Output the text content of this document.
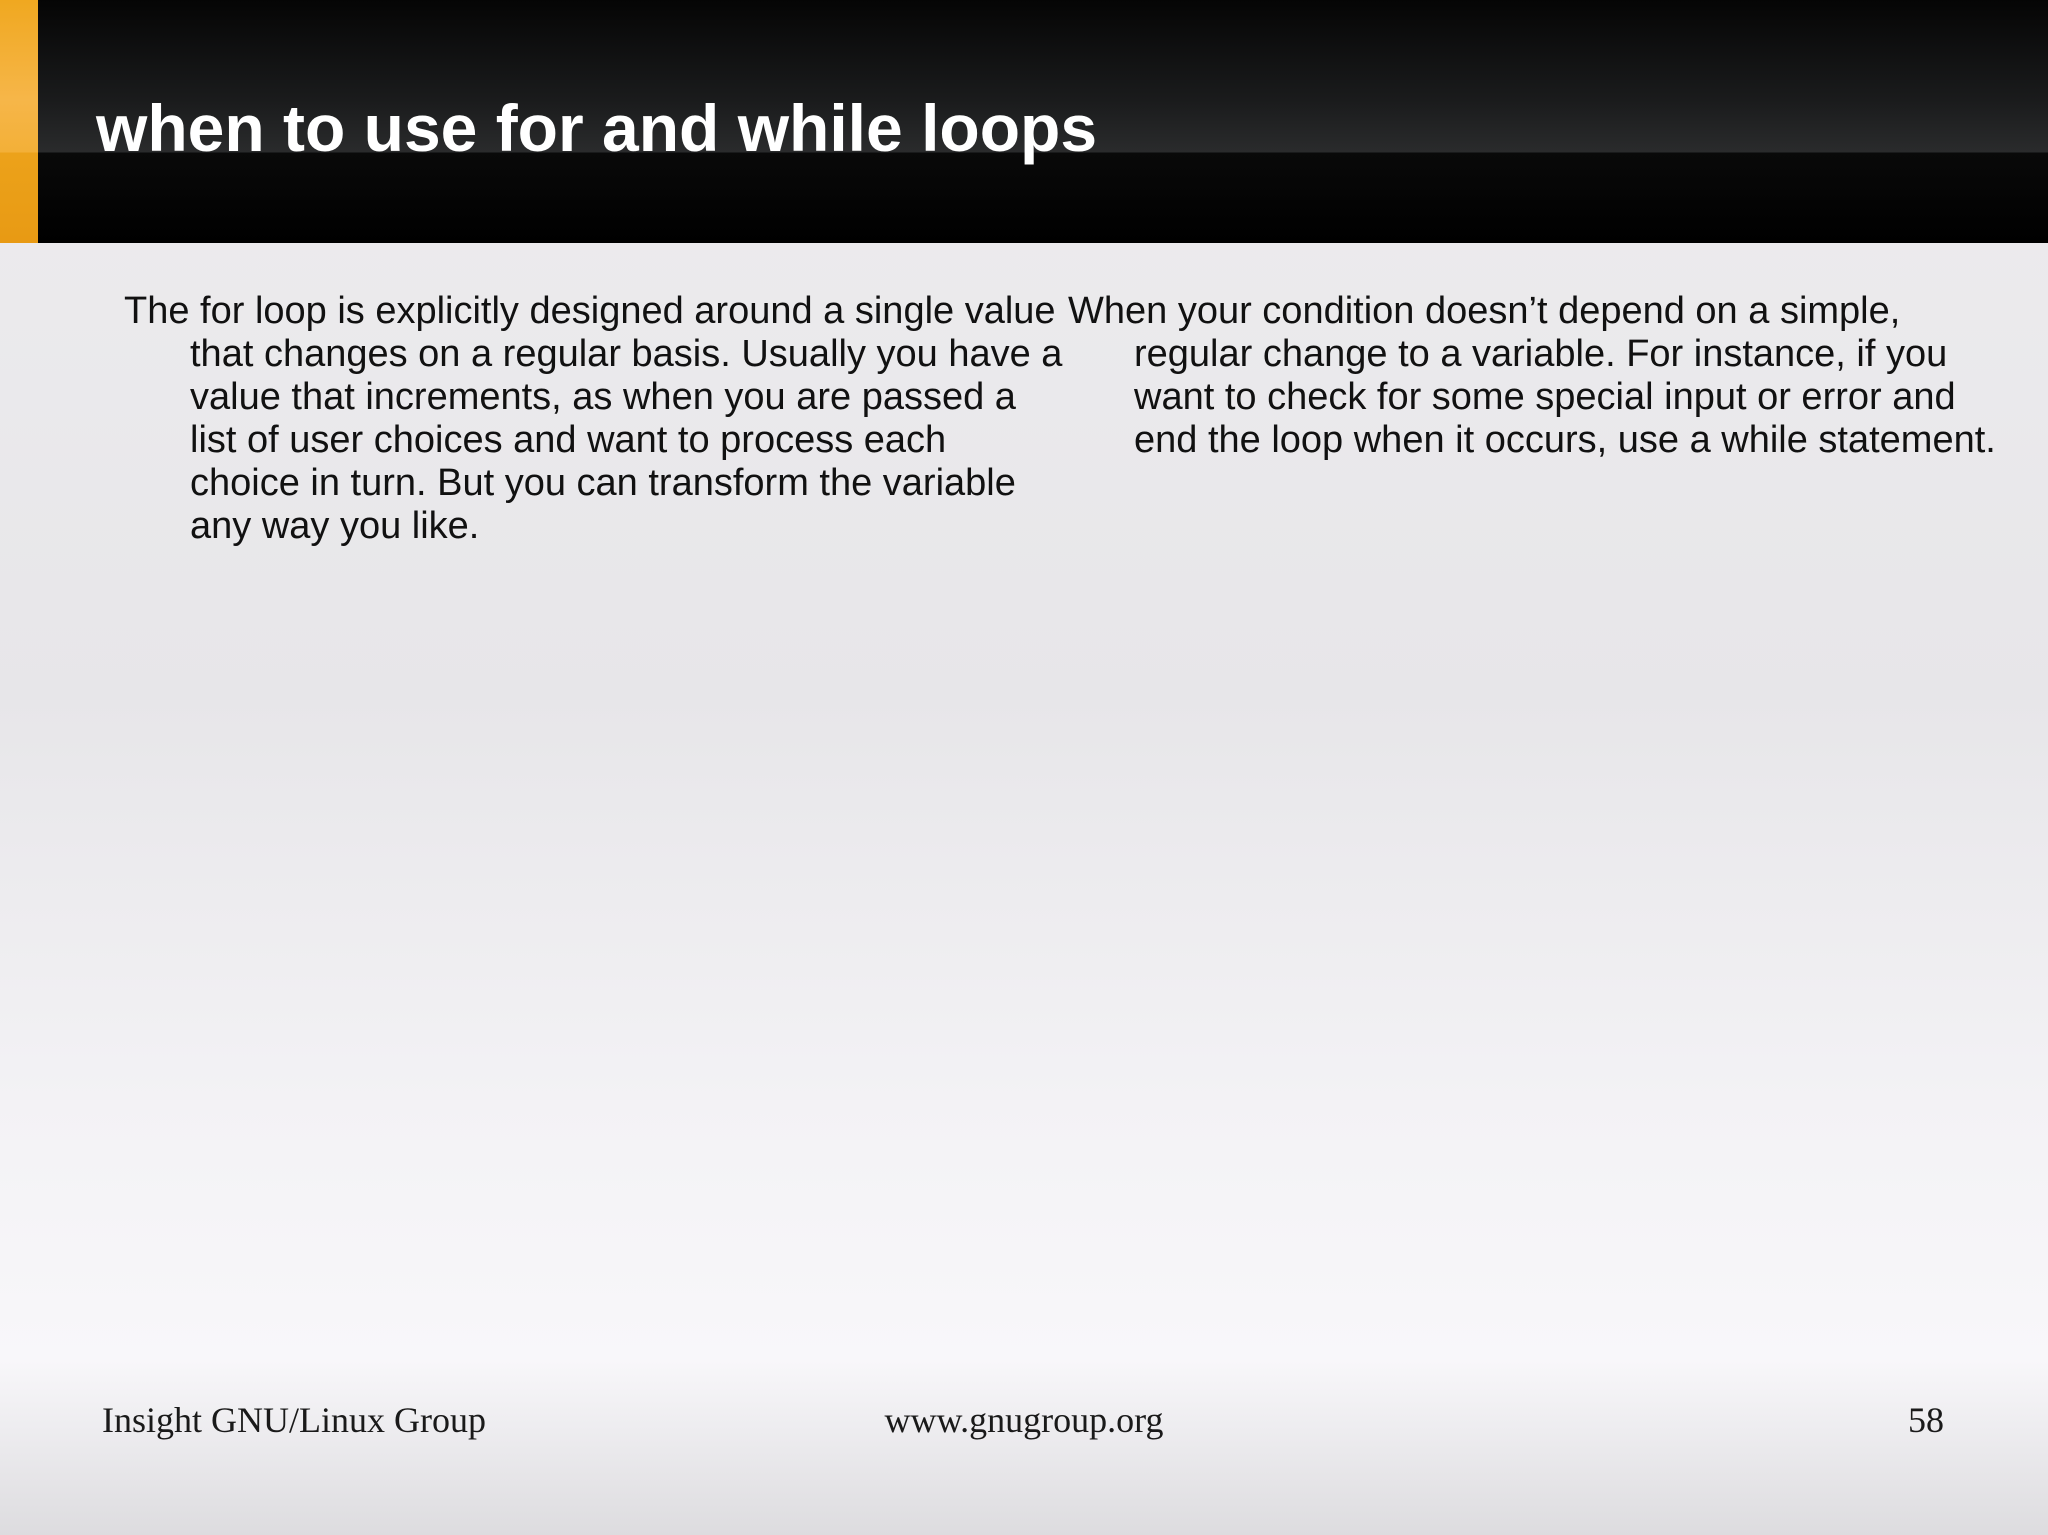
when to use for and while loops

The for loop is explicitly designed around a single value that changes on a regular basis. Usually you have a value that increments, as when you are passed a list of user choices and want to process each choice in turn. But you can transform the variable any way you like.

When your condition doesn’t depend on a simple, regular change to a variable. For instance, if you want to check for some special input or error and end the loop when it occurs, use a while statement.

Insight GNU/Linux Group	www.gnugroup.org	58
